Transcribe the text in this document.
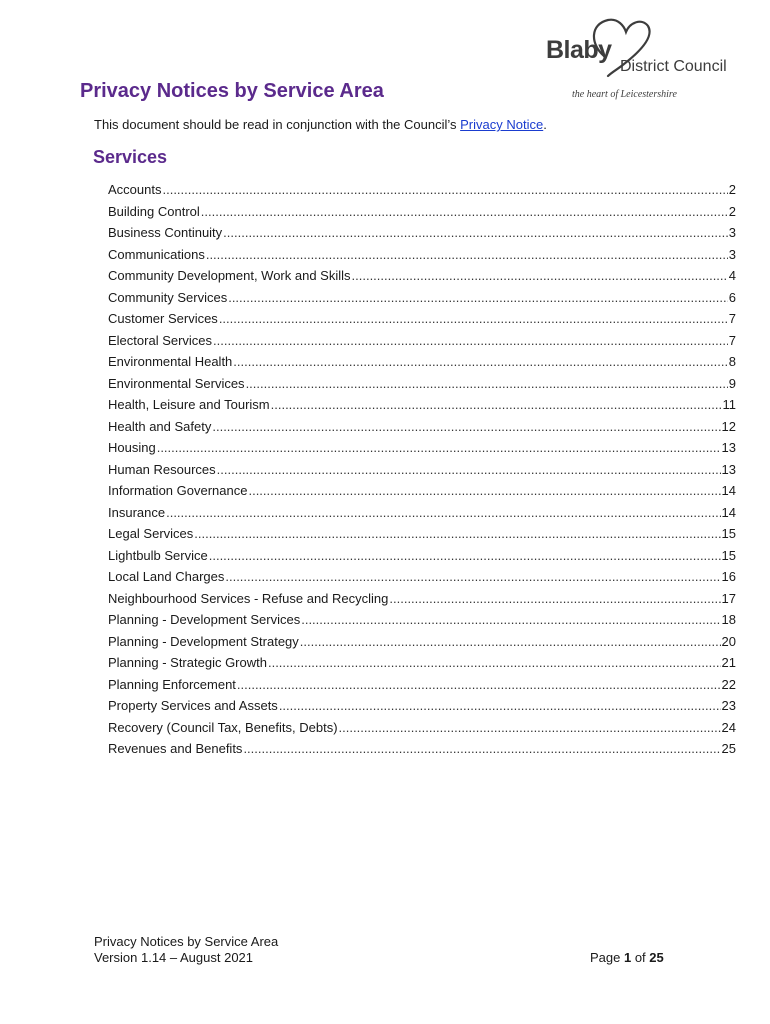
Blaby
District Council
the heart of Leicestershire
Privacy Notices by Service Area

This document should be read in conjunction with the Council’s Privacy Notice.

Services
Accounts .....	2
Building Control .....	2
Business Continuity .....	3
Communications .....	3
Community Development, Work and Skills .....	4
Community Services .....	6
Customer Services .....	7
Electoral Services .....	7
Environmental Health .....	8
Environmental Services .....	9
Health, Leisure and Tourism .....	11
Health and Safety .....	12
Housing .....	13
Human Resources .....	13
Information Governance .....	14
Insurance .....	14
Legal Services .....	15
Lightbulb Service .....	15
Local Land Charges .....	16
Neighbourhood Services - Refuse and Recycling .....	17
Planning - Development Services .....	18
Planning - Development Strategy .....	20
Planning - Strategic Growth .....	21
Planning Enforcement .....	22
Property Services and Assets .....	23
Recovery (Council Tax, Benefits, Debts) .....	24
Revenues and Benefits .....	25
Privacy Notices by Service Area
Version 1.14 – August 2021	Page 1 of 25
